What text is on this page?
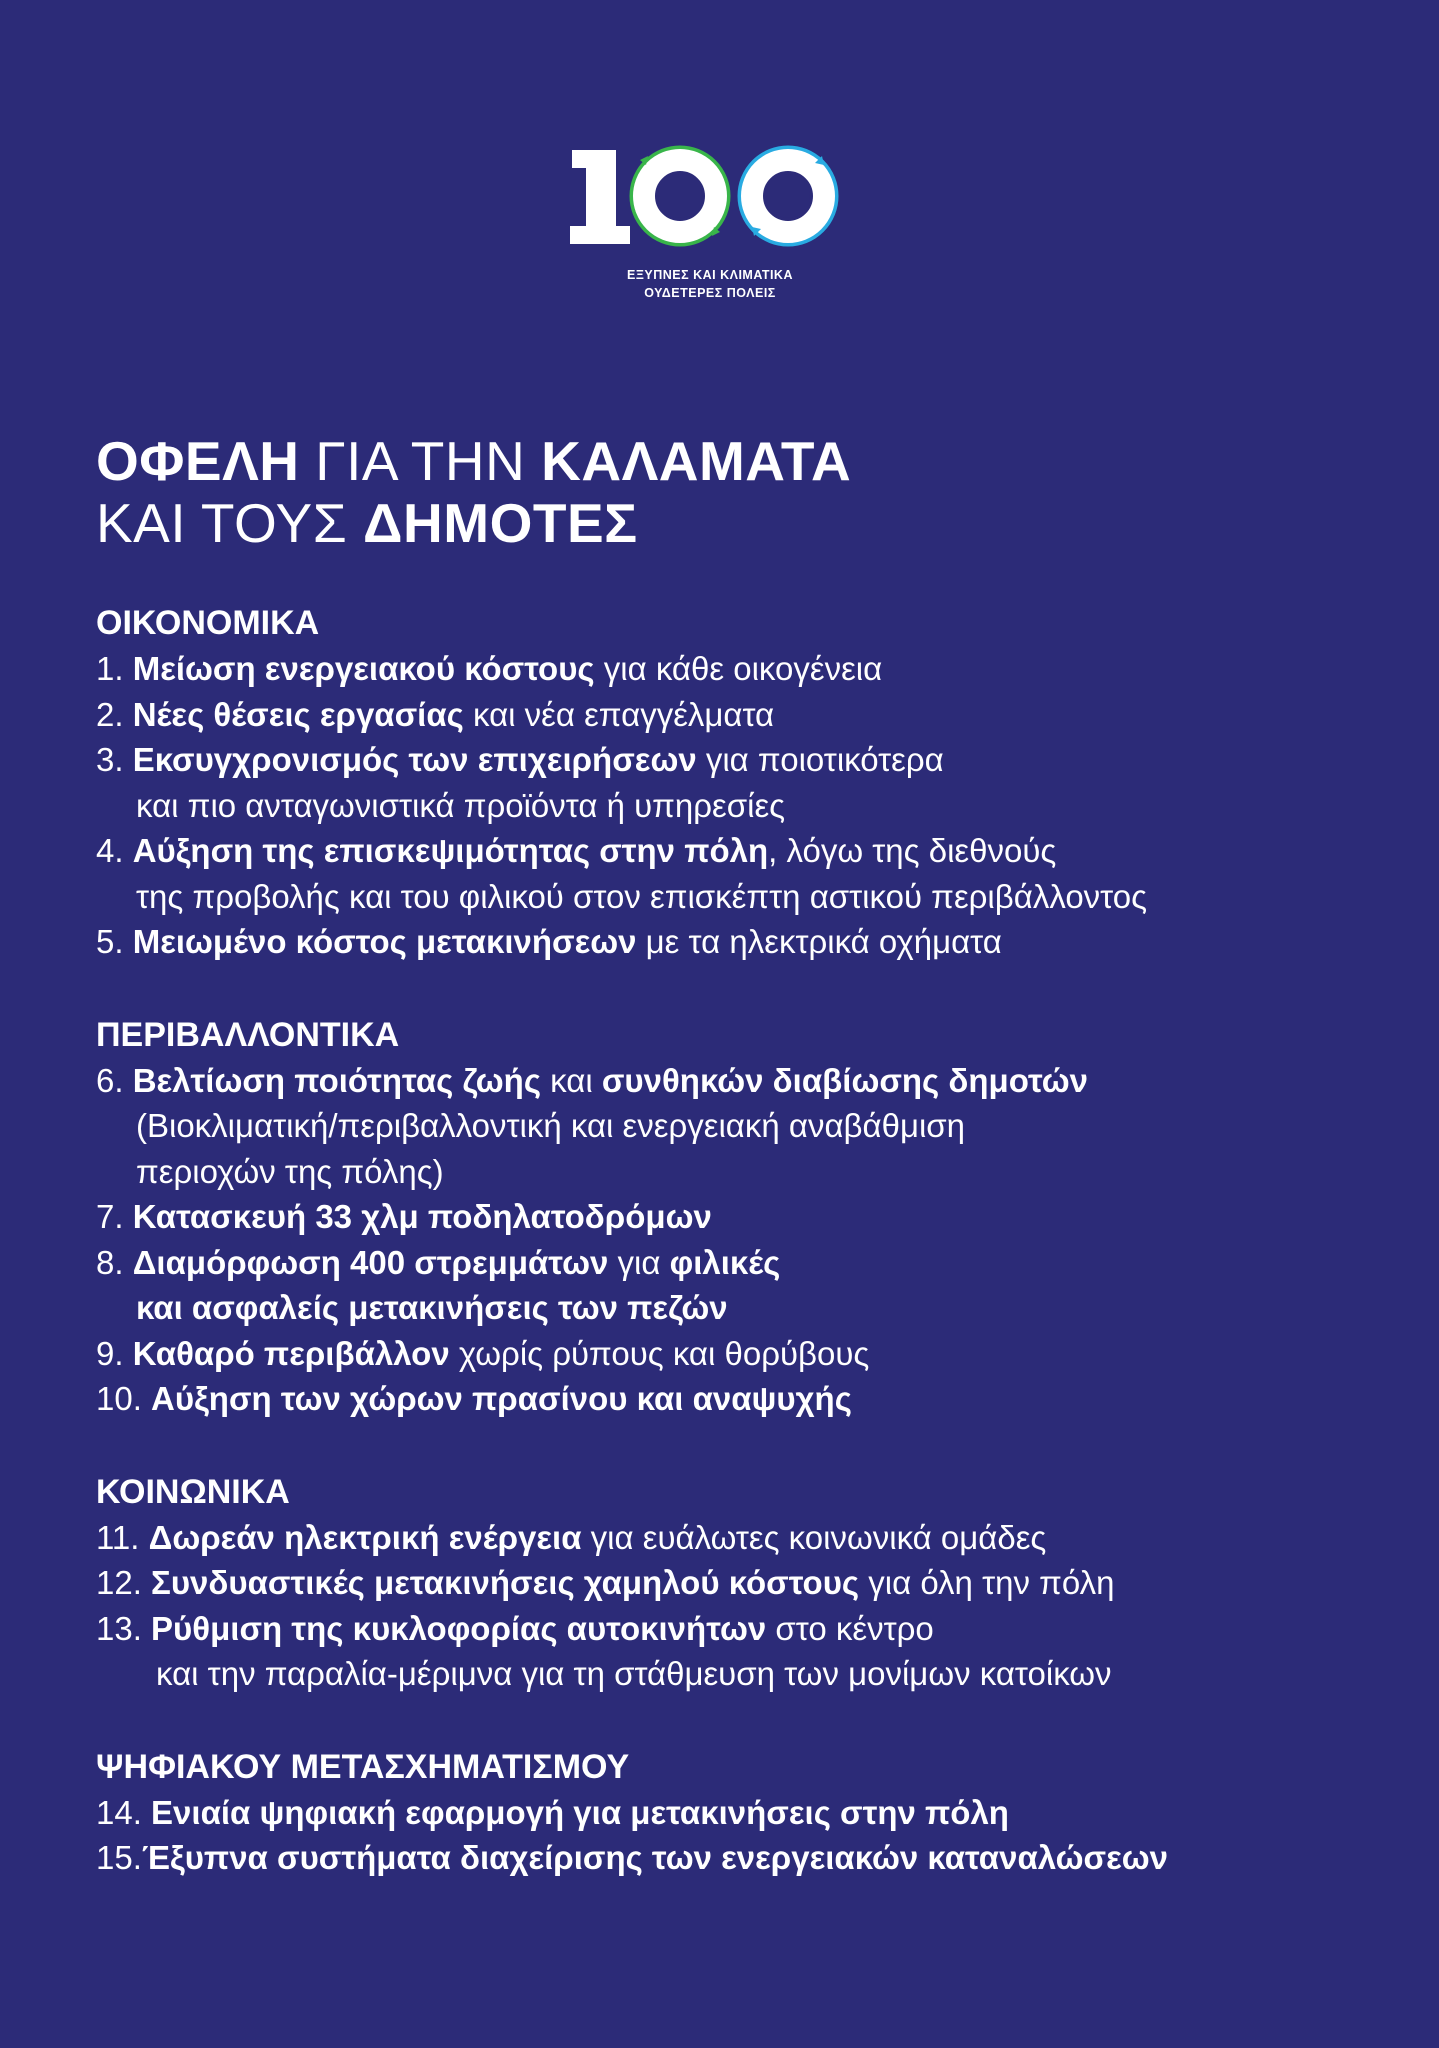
ΕΞΥΠΝΕΣ ΚΑΙ ΚΛΙΜΑΤΙΚΑ
ΟΥΔΕΤΕΡΕΣ ΠΟΛΕΙΣ
ΟΦΕΛΗ ΓΙΑ ΤΗΝ ΚΑΛΑΜΑΤΑ
ΚΑΙ ΤΟΥΣ ΔΗΜΟΤΕΣ

ΟΙΚΟΝΟΜΙΚΑ

1. Μείωση ενεργειακού κόστους για κάθε οικογένεια

2. Νέες θέσεις εργασίας και νέα επαγγέλματα

3. Εκσυγχρονισμός των επιχειρήσεων για ποιοτικότερα

και πιο ανταγωνιστικά προϊόντα ή υπηρεσίες

4. Αύξηση της επισκεψιμότητας στην πόλη, λόγω της διεθνούς

της προβολής και του φιλικού στον επισκέπτη αστικού περιβάλλοντος

5. Μειωμένο κόστος μετακινήσεων με τα ηλεκτρικά οχήματα

ΠΕΡΙΒΑΛΛΟΝΤΙΚΑ

6. Βελτίωση ποιότητας ζωής και συνθηκών διαβίωσης δημοτών

(Βιοκλιματική/περιβαλλοντική και ενεργειακή αναβάθμιση

περιοχών της πόλης)

7. Κατασκευή 33 χλμ ποδηλατοδρόμων

8. Διαμόρφωση 400 στρεμμάτων για φιλικές

και ασφαλείς μετακινήσεις των πεζών

9. Καθαρό περιβάλλον χωρίς ρύπους και θορύβους

10. Αύξηση των χώρων πρασίνου και αναψυχής

ΚΟΙΝΩΝΙΚΑ

11. Δωρεάν ηλεκτρική ενέργεια για ευάλωτες κοινωνικά ομάδες

12. Συνδυαστικές μετακινήσεις χαμηλού κόστους για όλη την πόλη

13. Ρύθμιση της κυκλοφορίας αυτοκινήτων στο κέντρο

και την παραλία-μέριμνα για τη στάθμευση των μονίμων κατοίκων

ΨΗΦΙΑΚΟΥ ΜΕΤΑΣΧΗΜΑΤΙΣΜΟΥ

14. Ενιαία ψηφιακή εφαρμογή για μετακινήσεις στην πόλη

15.Έξυπνα συστήματα διαχείρισης των ενεργειακών καταναλώσεων
